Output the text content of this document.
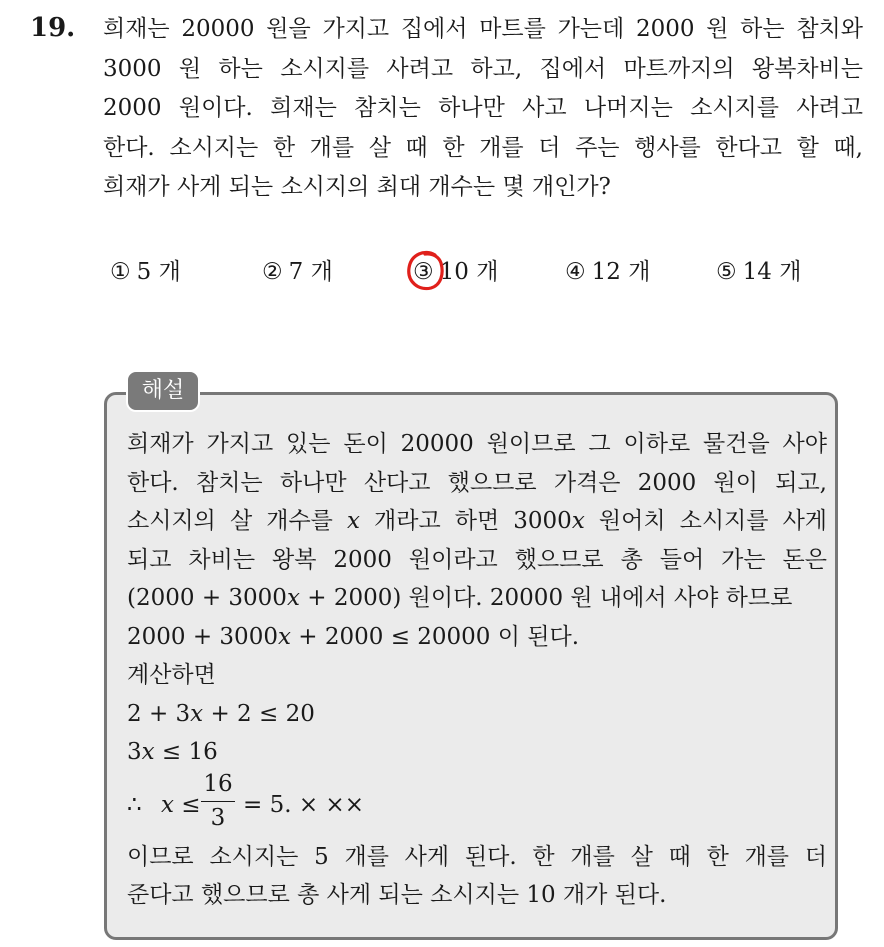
19. 희재는 20000 원을 가지고 집에서 마트를 가는데 2000 원 하는 참치와
3000 원 하는 소시지를 사려고 하고, 집에서 마트까지의 왕복차비는
2000 원이다. 희재는 참치는 하나만 사고 나머지는 소시지를 사려고
한다. 소시지는 한 개를 살 때 한 개를 더 주는 행사를 한다고 할 때,
희재가 사게 되는 소시지의 최대 개수는 몇 개인가?
① 5 개	② 7 개	③ 10 개	④ 12 개	⑤ 14 개
해설
희재가 가지고 있는 돈이 20000 원이므로 그 이하로 물건을 사야
한다. 참치는 하나만 산다고 했으므로 가격은 2000 원이 되고,
소시지의 살 개수를 x 개라고 하면 3000x 원어치 소시지를 사게
되고 차비는 왕복 2000 원이라고 했으므로 총 들어 가는 돈은
(2000 + 3000x + 2000) 원이다. 20000 원 내에서 사야 하므로
2000 + 3000x + 2000 ≤ 20000 이 된다.
계산하면
2 + 3x + 2 ≤ 20
3x ≤ 16
∴ x ≤
16
3 = 5. × ××
이므로 소시지는 5 개를 사게 된다. 한 개를 살 때 한 개를 더
준다고 했으므로 총 사게 되는 소시지는 10 개가 된다.
